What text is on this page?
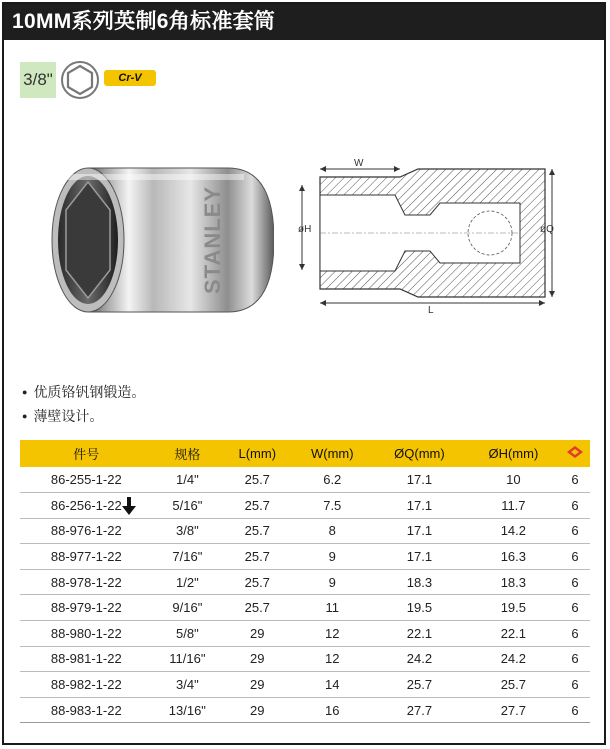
10MM系列英制6角标准套筒
3/8"	Cr-V
STANLEY
W
øH	øQ
L
● 优质铬钒钢锻造。
● 薄壁设计。
件号	规格	L(mm)	W(mm)	ØQ(mm)	ØH(mm)	
86-255-1-22	1/4"	25.7	6.2	17.1	10	6
86-256-1-22	5/16"	25.7	7.5	17.1	11.7	6
88-976-1-22	3/8"	25.7	8	17.1	14.2	6
88-977-1-22	7/16"	25.7	9	17.1	16.3	6
88-978-1-22	1/2"	25.7	9	18.3	18.3	6
88-979-1-22	9/16"	25.7	11	19.5	19.5	6
88-980-1-22	5/8"	29	12	22.1	22.1	6
88-981-1-22	11/16"	29	12	24.2	24.2	6
88-982-1-22	3/4"	29	14	25.7	25.7	6
88-983-1-22	13/16"	29	16	27.7	27.7	6
